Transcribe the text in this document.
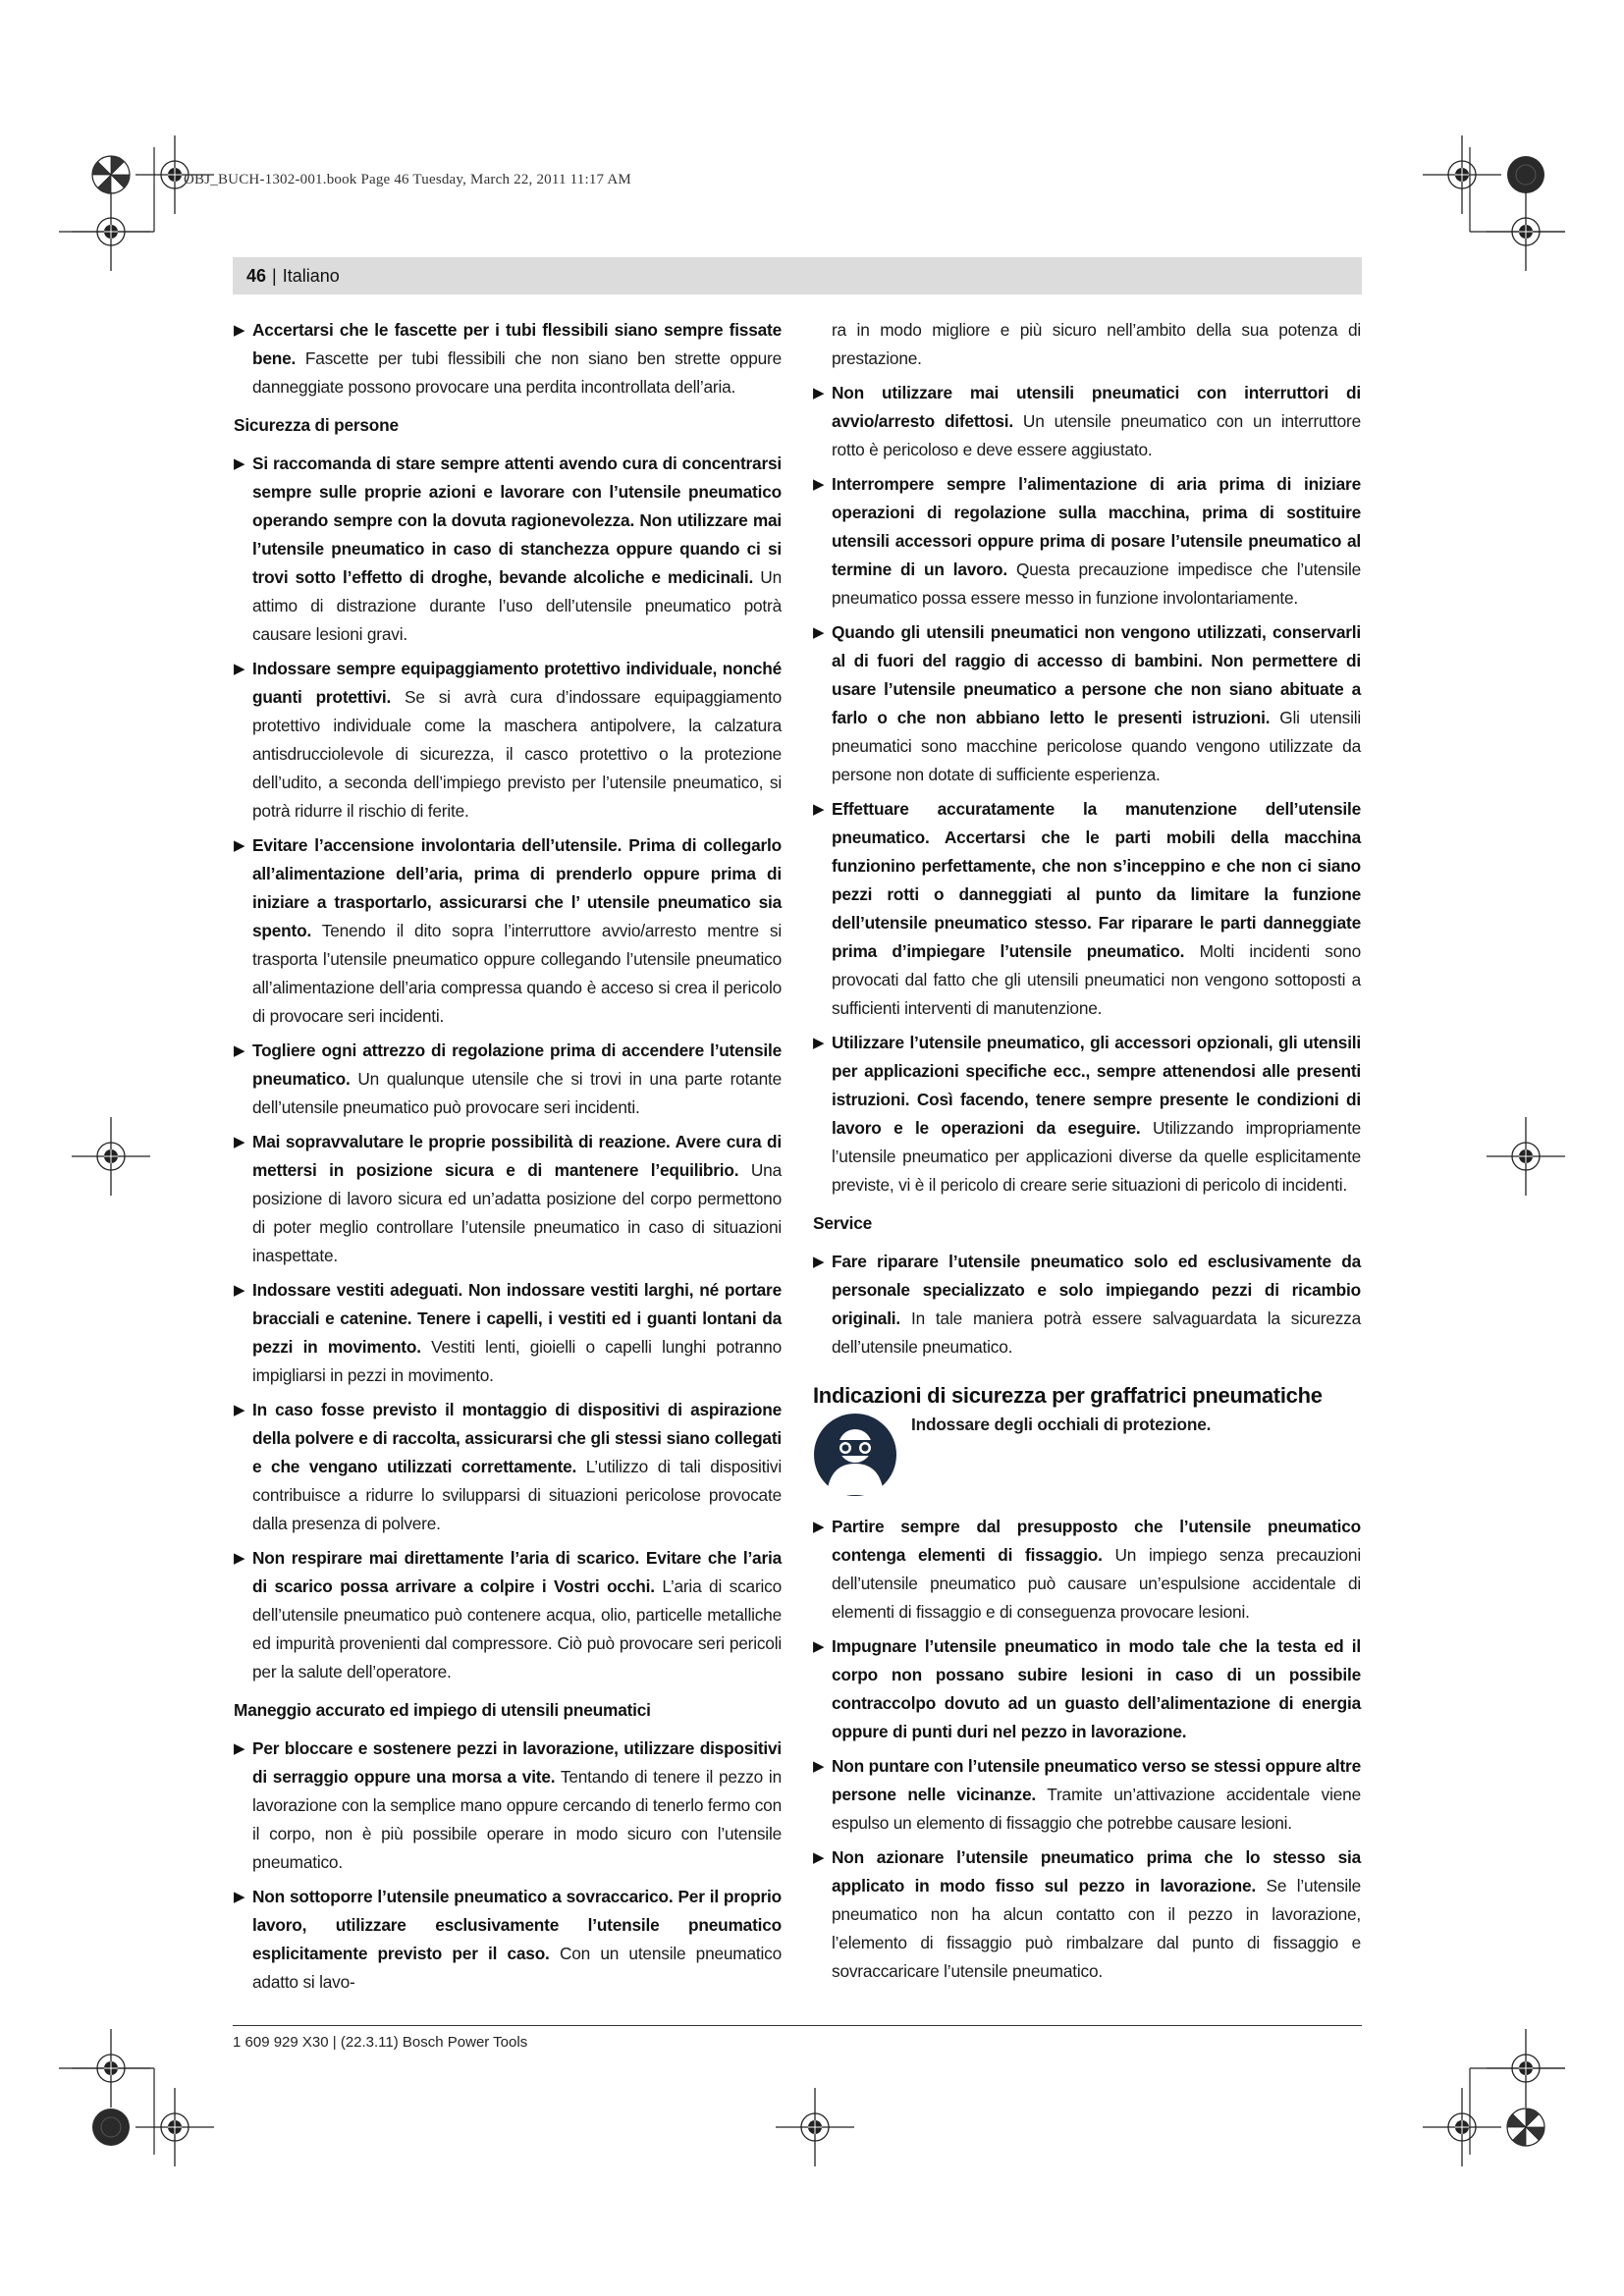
OBJ_BUCH-1302-001.book Page 46 Tuesday, March 22, 2011 11:17 AM
46 | Italiano
▶ Accertarsi che le fascette per i tubi flessibili siano sempre fissate bene. Fascette per tubi flessibili che non siano ben strette oppure danneggiate possono provocare una perdita incontrollata dell’aria.
Sicurezza di persone
▶ Si raccomanda di stare sempre attenti avendo cura di concentrarsi sempre sulle proprie azioni e lavorare con l’utensile pneumatico operando sempre con la dovuta ragionevolezza. Non utilizzare mai l’utensile pneumatico in caso di stanchezza oppure quando ci si trovi sotto l’effetto di droghe, bevande alcoliche e medicinali. Un attimo di distrazione durante l’uso dell’utensile pneumatico potrà causare lesioni gravi.
▶ Indossare sempre equipaggiamento protettivo individuale, nonché guanti protettivi. Se si avrà cura d’indossare equipaggiamento protettivo individuale come la maschera antipolvere, la calzatura antisdrucciolevole di sicurezza, il casco protettivo o la protezione dell’udito, a seconda dell’impiego previsto per l’utensile pneumatico, si potrà ridurre il rischio di ferite.
▶ Evitare l’accensione involontaria dell’utensile. Prima di collegarlo all’alimentazione dell’aria, prima di prenderlo oppure prima di iniziare a trasportarlo, assicurarsi che l’ utensile pneumatico sia spento. Tenendo il dito sopra l’interruttore avvio/arresto mentre si trasporta l’utensile pneumatico oppure collegando l’utensile pneumatico all’alimentazione dell’aria compressa quando è acceso si crea il pericolo di provocare seri incidenti.
▶ Togliere ogni attrezzo di regolazione prima di accendere l’utensile pneumatico. Un qualunque utensile che si trovi in una parte rotante dell’utensile pneumatico può provocare seri incidenti.
▶ Mai sopravvalutare le proprie possibilità di reazione. Avere cura di mettersi in posizione sicura e di mantenere l’equilibrio. Una posizione di lavoro sicura ed un’adatta posizione del corpo permettono di poter meglio controllare l’utensile pneumatico in caso di situazioni inaspettate.
▶ Indossare vestiti adeguati. Non indossare vestiti larghi, né portare bracciali e catenine. Tenere i capelli, i vestiti ed i guanti lontani da pezzi in movimento. Vestiti lenti, gioielli o capelli lunghi potranno impigliarsi in pezzi in movimento.
▶ In caso fosse previsto il montaggio di dispositivi di aspirazione della polvere e di raccolta, assicurarsi che gli stessi siano collegati e che vengano utilizzati correttamente. L’utilizzo di tali dispositivi contribuisce a ridurre lo svilupparsi di situazioni pericolose provocate dalla presenza di polvere.
▶ Non respirare mai direttamente l’aria di scarico. Evitare che l’aria di scarico possa arrivare a colpire i Vostri occhi. L’aria di scarico dell’utensile pneumatico può contenere acqua, olio, particelle metalliche ed impurità provenienti dal compressore. Ciò può provocare seri pericoli per la salute dell’operatore.
Maneggio accurato ed impiego di utensili pneumatici
▶ Per bloccare e sostenere pezzi in lavorazione, utilizzare dispositivi di serraggio oppure una morsa a vite. Tentando di tenere il pezzo in lavorazione con la semplice mano oppure cercando di tenerlo fermo con il corpo, non è più possibile operare in modo sicuro con l’utensile pneumatico.
▶ Non sottoporre l’utensile pneumatico a sovraccarico. Per il proprio lavoro, utilizzare esclusivamente l’utensile pneumatico esplicitamente previsto per il caso. Con un utensile pneumatico adatto si lavo-
ra in modo migliore e più sicuro nell’ambito della sua potenza di prestazione.
▶ Non utilizzare mai utensili pneumatici con interruttori di avvio/arresto difettosi. Un utensile pneumatico con un interruttore rotto è pericoloso e deve essere aggiustato.
▶ Interrompere sempre l’alimentazione di aria prima di iniziare operazioni di regolazione sulla macchina, prima di sostituire utensili accessori oppure prima di posare l’utensile pneumatico al termine di un lavoro. Questa precauzione impedisce che l’utensile pneumatico possa essere messo in funzione involontariamente.
▶ Quando gli utensili pneumatici non vengono utilizzati, conservarli al di fuori del raggio di accesso di bambini. Non permettere di usare l’utensile pneumatico a persone che non siano abituate a farlo o che non abbiano letto le presenti istruzioni. Gli utensili pneumatici sono macchine pericolose quando vengono utilizzate da persone non dotate di sufficiente esperienza.
▶ Effettuare accuratamente la manutenzione dell’utensile pneumatico. Accertarsi che le parti mobili della macchina funzionino perfettamente, che non s’inceppino e che non ci siano pezzi rotti o danneggiati al punto da limitare la funzione dell’utensile pneumatico stesso. Far riparare le parti danneggiate prima d’impiegare l’utensile pneumatico. Molti incidenti sono provocati dal fatto che gli utensili pneumatici non vengono sottoposti a sufficienti interventi di manutenzione.
▶ Utilizzare l’utensile pneumatico, gli accessori opzionali, gli utensili per applicazioni specifiche ecc., sempre attenendosi alle presenti istruzioni. Così facendo, tenere sempre presente le condizioni di lavoro e le operazioni da eseguire. Utilizzando impropriamente l’utensile pneumatico per applicazioni diverse da quelle esplicitamente previste, vi è il pericolo di creare serie situazioni di pericolo di incidenti.
Service
▶ Fare riparare l’utensile pneumatico solo ed esclusivamente da personale specializzato e solo impiegando pezzi di ricambio originali. In tale maniera potrà essere salvaguardata la sicurezza dell’utensile pneumatico.
Indicazioni di sicurezza per graffatrici pneumatiche
Indossare degli occhiali di protezione.
▶ Partire sempre dal presupposto che l’utensile pneumatico contenga elementi di fissaggio. Un impiego senza precauzioni dell’utensile pneumatico può causare un’espulsione accidentale di elementi di fissaggio e di conseguenza provocare lesioni.
▶ Impugnare l’utensile pneumatico in modo tale che la testa ed il corpo non possano subire lesioni in caso di un possibile contraccolpo dovuto ad un guasto dell’alimentazione di energia oppure di punti duri nel pezzo in lavorazione.
▶ Non puntare con l’utensile pneumatico verso se stessi oppure altre persone nelle vicinanze. Tramite un’attivazione accidentale viene espulso un elemento di fissaggio che potrebbe causare lesioni.
▶ Non azionare l’utensile pneumatico prima che lo stesso sia applicato in modo fisso sul pezzo in lavorazione. Se l’utensile pneumatico non ha alcun contatto con il pezzo in lavorazione, l’elemento di fissaggio può rimbalzare dal punto di fissaggio e sovraccaricare l’utensile pneumatico.
1 609 929 X30 | (22.3.11) Bosch Power Tools
